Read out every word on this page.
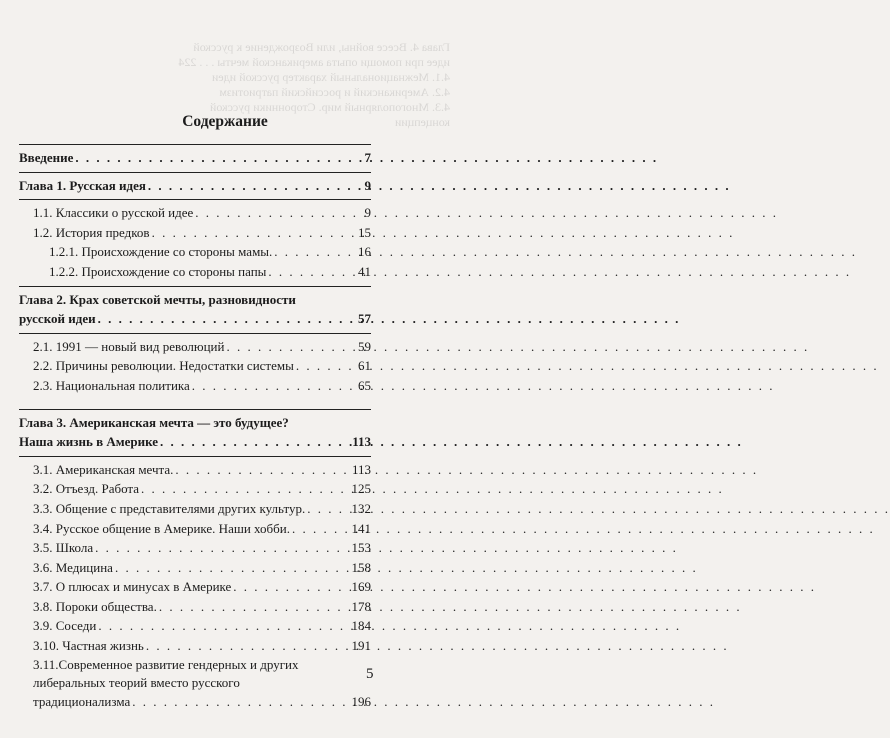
Глава 4. Всесе войны, или Возрождение к русской
идее при помощи опыта американской мечты . . . 224
4.1. Межнациональный характер русской идеи
4.2. Американский и российский патриотизм
4.3. Многополярный мир. Сторонники русской
концепции
Содержание
Введение . . .	7
Глава 1. Русская идея . . .	9
1.1. Классики о русской идее . . .	9
1.2. История предков . . .	15
1.2.1. Происхождение со стороны мамы. . . .	16
1.2.2. Происхождение со стороны папы . . .	41
Глава 2. Крах советской мечты, разновидности
русской идеи . . .	57
2.1. 1991 — новый вид революций . . .	59
2.2. Причины революции. Недостатки системы . . .	61
2.3. Национальная политика . . .	65
Глава 3. Американская мечта — это будущее?
Наша жизнь в Америке . . .	113
3.1. Американская мечта. . . .	113
3.2. Отъезд. Работа . . .	125
3.3. Общение с представителями других культур. . . .	132
3.4. Русское общение в Америке. Наши хобби. . . .	141
3.5. Школа . . .	153
3.6. Медицина . . .	158
3.7. О плюсах и минусах в Америке . . .	169
3.8. Пороки общества. . . .	178
3.9. Соседи . . .	184
3.10. Частная жизнь . . .	191
3.11.Современное развитие гендерных и других
либеральных теорий вместо русского
традиционализма . . .	196
5
